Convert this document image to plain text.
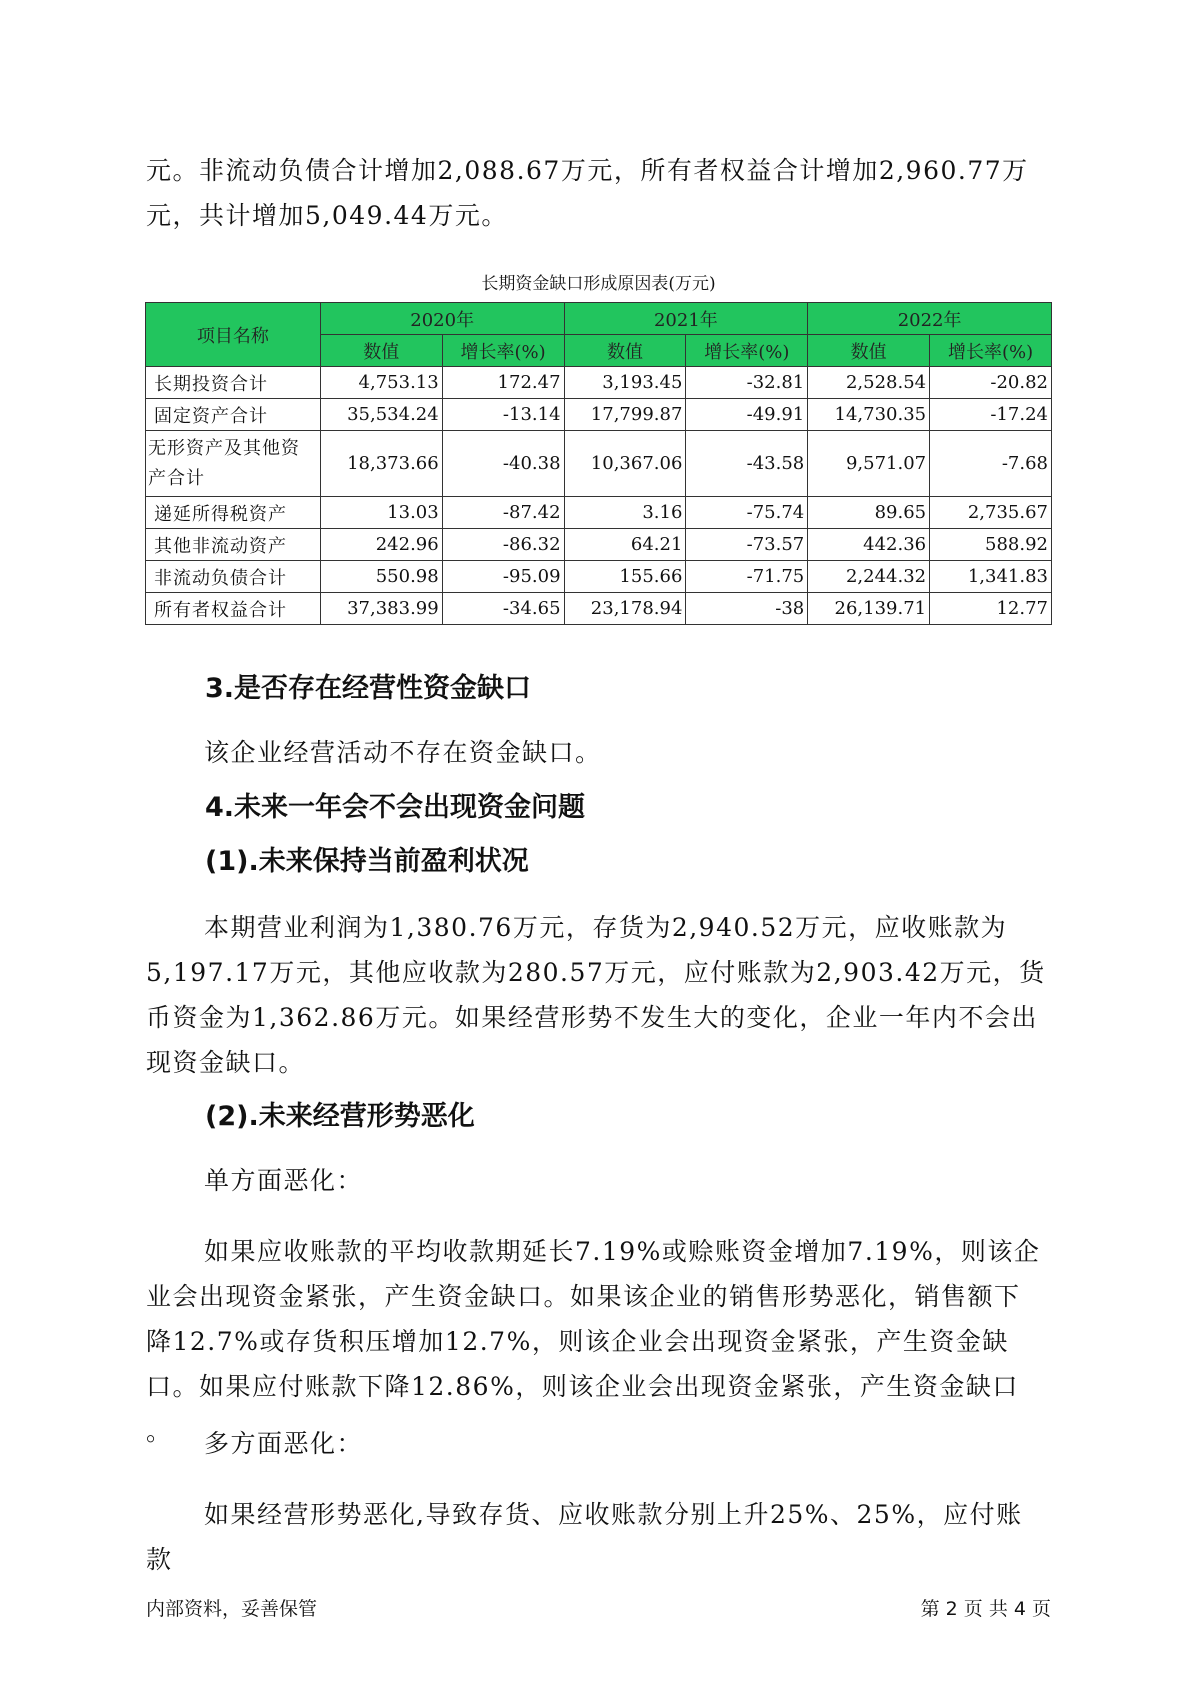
元。非流动负债合计增加2,088.67万元，所有者权益合计增加2,960.77万元，共计增加5,049.44万元。

长期资金缺口形成原因表(万元)

项目名称	2020年		2021年		2022年	
	数值	增长率(%)	数值	增长率(%)	数值	增长率(%)
长期投资合计	4,753.13	172.47	3,193.45	-32.81	2,528.54	-20.82
固定资产合计	35,534.24	-13.14	17,799.87	-49.91	14,730.35	-17.24
无形资产及其他资产合计	18,373.66	-40.38	10,367.06	-43.58	9,571.07	-7.68
递延所得税资产	13.03	-87.42	3.16	-75.74	89.65	2,735.67
其他非流动资产	242.96	-86.32	64.21	-73.57	442.36	588.92
非流动负债合计	550.98	-95.09	155.66	-71.75	2,244.32	1,341.83
所有者权益合计	37,383.99	-34.65	23,178.94	-38	26,139.71	12.77
3.是否存在经营性资金缺口

该企业经营活动不存在资金缺口。

4.未来一年会不会出现资金问题
(1).未来保持当前盈利状况

本期营业利润为1,380.76万元，存货为2,940.52万元，应收账款为5,197.17万元，其他应收款为280.57万元，应付账款为2,903.42万元，货币资金为1,362.86万元。如果经营形势不发生大的变化，企业一年内不会出现资金缺口。

(2).未来经营形势恶化

单方面恶化：

如果应收账款的平均收款期延长7.19%或赊账资金增加7.19%，则该企业会出现资金紧张，产生资金缺口。如果该企业的销售形势恶化，销售额下降12.7%或存货积压增加12.7%，则该企业会出现资金紧张，产生资金缺口。如果应付账款下降12.86%，则该企业会出现资金紧张，产生资金缺口 。	多方面恶化：

如果经营形势恶化,导致存货、应收账款分别上升25%、25%，应付账款

内部资料，妥善保管	第 2 页 共 4 页
